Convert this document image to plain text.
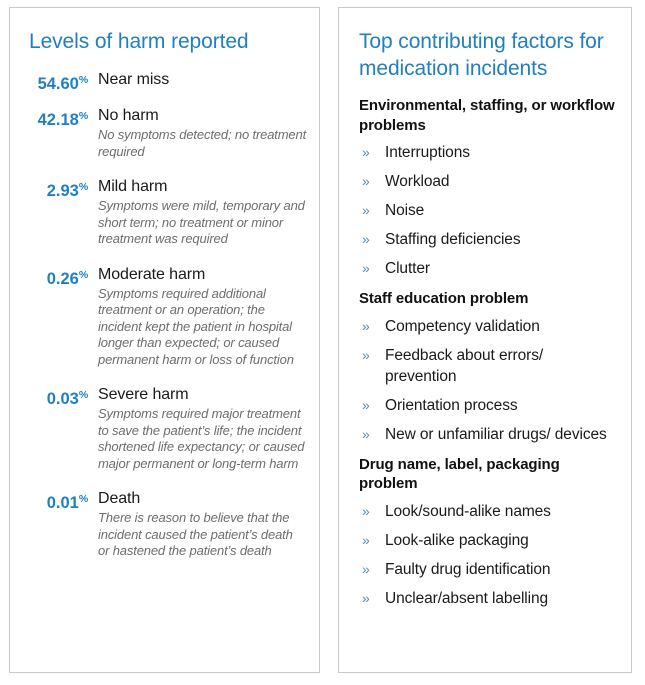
Levels of harm reported
54.60% Near miss
42.18% No harm
No symptoms detected; no treatment required
2.93% Mild harm
Symptoms were mild, temporary and short term; no treatment or minor treatment was required
0.26% Moderate harm
Symptoms required additional treatment or an operation; the incident kept the patient in hospital longer than expected; or caused permanent harm or loss of function
0.03% Severe harm
Symptoms required major treatment to save the patient’s life; the incident shortened life expectancy; or caused major permanent or long-term harm
0.01% Death
There is reason to believe that the incident caused the patient’s death or hastened the patient’s death
Top contributing factors for medication incidents
Environmental, staffing, or workflow problems
» Interruptions
» Workload
» Noise
» Staffing deficiencies
» Clutter
Staff education problem
» Competency validation
» Feedback about errors/ prevention
» Orientation process
» New or unfamiliar drugs/ devices
Drug name, label, packaging problem
» Look/sound-alike names
» Look-alike packaging
» Faulty drug identification
» Unclear/absent labelling
